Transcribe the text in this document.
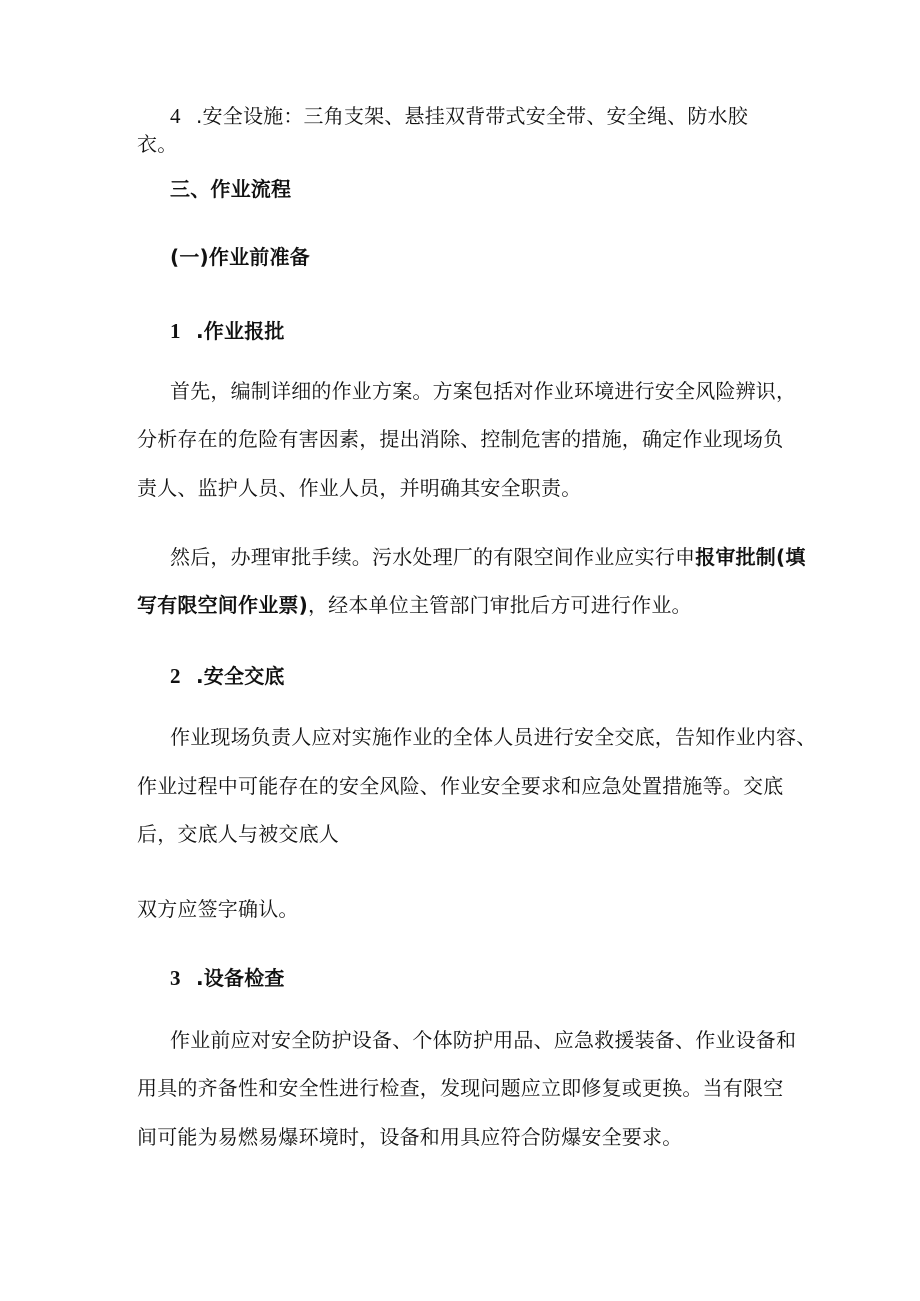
4 .安全设施：三角支架、悬挂双背带式安全带、安全绳、防水胶
衣。
三、作业流程
(一)作业前准备
1 .作业报批
首先，编制详细的作业方案。方案包括对作业环境进行安全风险辨识，
分析存在的危险有害因素，提出消除、控制危害的措施，确定作业现场负
责人、监护人员、作业人员，并明确其安全职责。
然后，办理审批手续。污水处理厂的有限空间作业应实行申报审批制(填
写有限空间作业票)，经本单位主管部门审批后方可进行作业。
2 .安全交底
作业现场负责人应对实施作业的全体人员进行安全交底，告知作业内容、
作业过程中可能存在的安全风险、作业安全要求和应急处置措施等。交底
后，交底人与被交底人
双方应签字确认。
3 .设备检查
作业前应对安全防护设备、个体防护用品、应急救援装备、作业设备和
用具的齐备性和安全性进行检查，发现问题应立即修复或更换。当有限空
间可能为易燃易爆环境时，设备和用具应符合防爆安全要求。
